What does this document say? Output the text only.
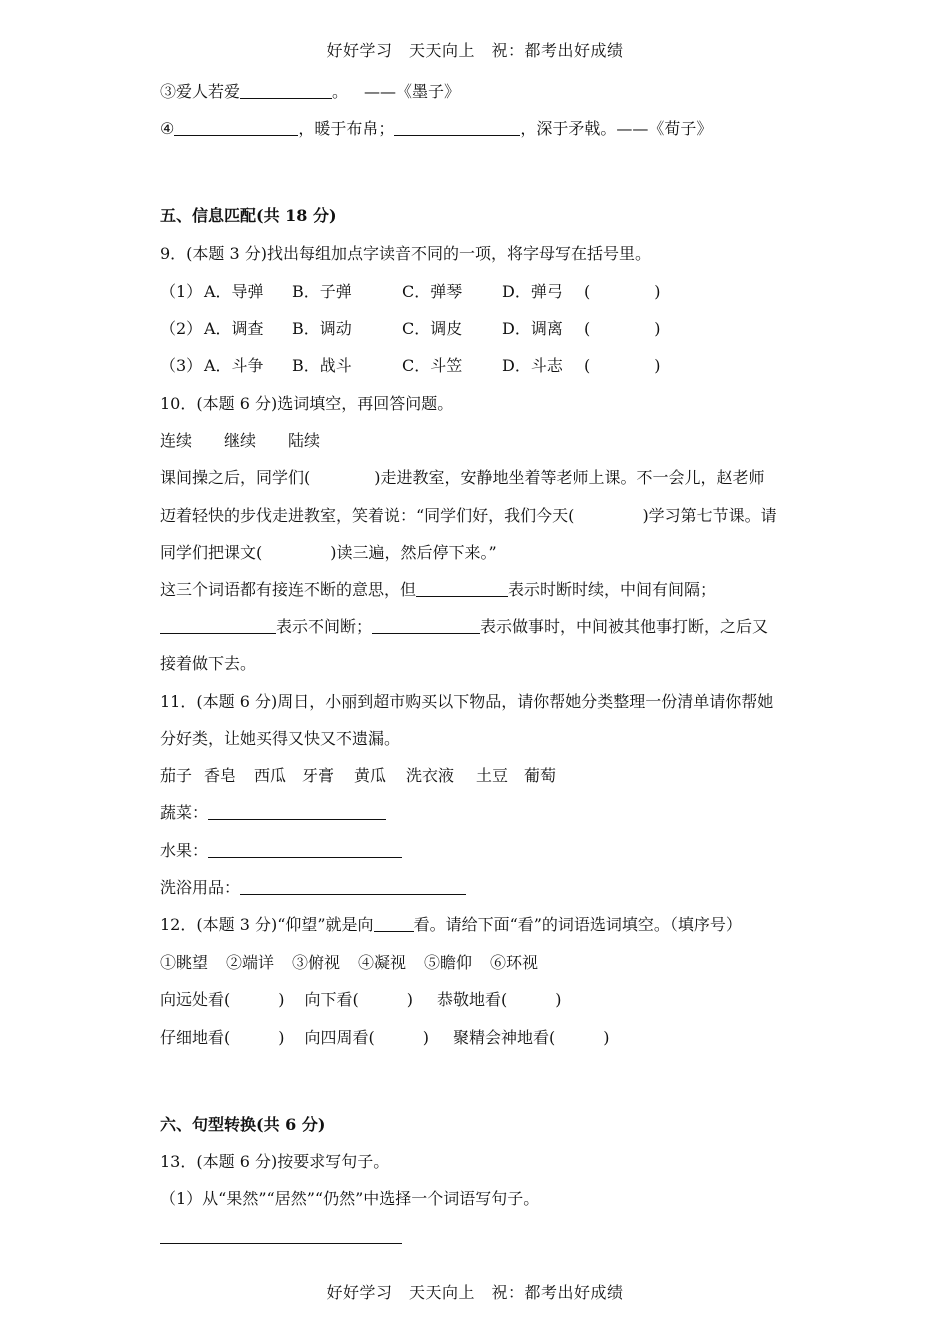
好好学习　天天向上　祝：都考出好成绩
③爱人若爱	。 ——《墨子》
④	，暖于布帛；	，深于矛戟。——《荀子》
五、信息匹配(共 18 分)
9．(本题 3 分)找出每组加点字读音不同的一项，将字母写在括号里。
（1） A．导弹 B．子弹	C．弹琴 D．弹弓 (	)
（2） A．调查 B．调动	C．调皮 D．调离 (	)
（3） A．斗争 B．战斗	C．斗笠 D．斗志 (	)
10．(本题 6 分)选词填空，再回答问题。
连续 继续 陆续
课间操之后，同学们(	)走进教室，安静地坐着等老师上课。不一会儿，赵老师
迈着轻快的步伐走进教室，笑着说：“同学们好，我们今天(	)学习第七节课。请
同学们把课文(	)读三遍，然后停下来。”
这三个词语都有接连不断的意思，但	表示时断时续，中间有间隔；
表示不间断；	表示做事时，中间被其他事打断，之后又
接着做下去。
11．(本题 6 分)周日，小丽到超市购买以下物品，请你帮她分类整理一份清单请你帮她
分好类，让她买得又快又不遗漏。
茄子 香皂 西瓜 牙膏 黄瓜 洗衣液 土豆 葡萄
蔬菜：
水果：
洗浴用品：
12．(本题 3 分)“仰望”就是向	看。请给下面“看”的词语选词填空。（填序号）
①眺望 ②端详 ③俯视 ④凝视 ⑤瞻仰 ⑥环视
向远处看(	) 向下看(	) 恭敬地看(	)
仔细地看(	) 向四周看(	) 聚精会神地看(	)
六、句型转换(共 6 分)
13．(本题 6 分)按要求写句子。
（1）从“果然”“居然”“仍然”中选择一个词语写句子。
好好学习　天天向上　祝：都考出好成绩
